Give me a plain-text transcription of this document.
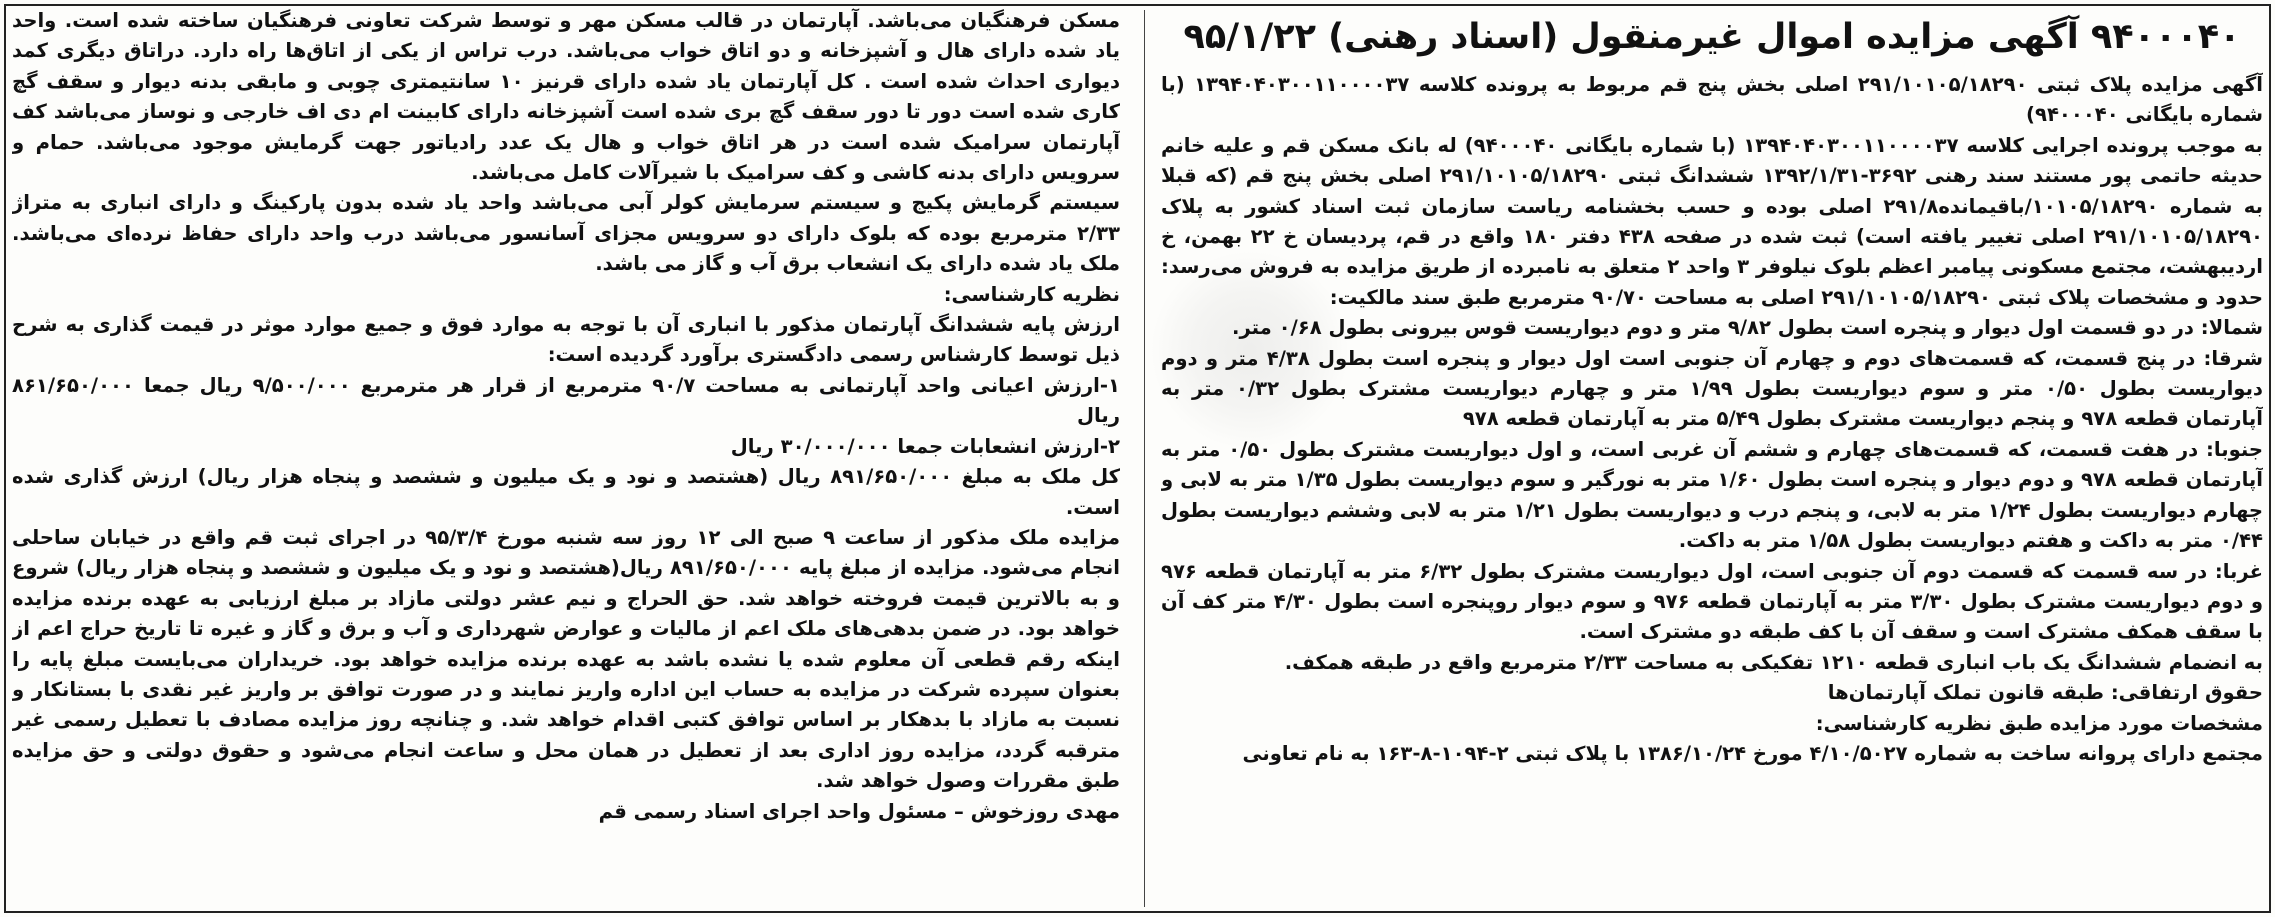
۹۴۰۰۰۴۰ آگهی مزایده اموال غیرمنقول (اسناد رهنی) ۹۵/۱/۲۲

آگهی مزایده پلاک ثبتی ۲۹۱/۱۰۱۰۵/۱۸۲۹۰ اصلی بخش پنج قم مربوط به پرونده کلاسه ۱۳۹۴۰۴۰۳۰۰۱۱۰۰۰۰۳۷ (با شماره بایگانی ۹۴۰۰۰۴۰)

به موجب پرونده اجرایی کلاسه ۱۳۹۴۰۴۰۳۰۰۱۱۰۰۰۰۳۷ (با شماره بایگانی ۹۴۰۰۰۴۰) له بانک مسکن قم و علیه خانم حدیثه حاتمی پور مستند سند رهنی ۳۶۹۲-۱۳۹۲/۱/۳۱ ششدانگ ثبتی ۲۹۱/۱۰۱۰۵/۱۸۲۹۰ اصلی بخش پنج قم (که قبلا به شماره ۱۰۱۰۵/۱۸۲۹۰/باقیمانده۲۹۱/۸ اصلی بوده و حسب بخشنامه ریاست سازمان ثبت اسناد کشور به پلاک ۲۹۱/۱۰۱۰۵/۱۸۲۹۰ اصلی تغییر یافته است) ثبت شده در صفحه ۴۳۸ دفتر ۱۸۰ واقع در قم، پردیسان خ ۲۲ بهمن، خ اردیبهشت، مجتمع مسکونی پیامبر اعظم بلوک نیلوفر ۳ واحد ۲ متعلق به نامبرده از طریق مزایده به فروش می‌رسد:

حدود و مشخصات پلاک ثبتی ۲۹۱/۱۰۱۰۵/۱۸۲۹۰ اصلی به مساحت ۹۰/۷۰ مترمربع طبق سند مالکیت:

شمالا: در دو قسمت اول دیوار و پنجره است بطول ۹/۸۲ متر و دوم دیواریست قوس بیرونی بطول ۰/۶۸ متر.

شرقا: در پنج قسمت، که قسمت‌های دوم و چهارم آن جنوبی است اول دیوار و پنجره است بطول ۴/۳۸ متر و دوم دیواریست بطول ۰/۵۰ متر و سوم دیواریست بطول ۱/۹۹ متر و چهارم دیواریست مشترک بطول ۰/۳۲ متر به آپارتمان قطعه ۹۷۸ و پنجم دیواریست مشترک بطول ۵/۴۹ متر به آپارتمان قطعه ۹۷۸

جنوبا: در هفت قسمت، که قسمت‌های چهارم و ششم آن غربی است، و اول دیواریست مشترک بطول ۰/۵۰ متر به آپارتمان قطعه ۹۷۸ و دوم دیوار و پنجره است بطول ۱/۶۰ متر به نورگیر و سوم دیواریست بطول ۱/۳۵ متر به لابی و چهارم دیواریست بطول ۱/۲۴ متر به لابی، و پنجم درب و دیواریست بطول ۱/۲۱ متر به لابی وششم دیواریست بطول ۰/۴۴ متر به داکت و هفتم دیواریست بطول ۱/۵۸ متر به داکت.

غربا: در سه قسمت که قسمت دوم آن جنوبی است، اول دیواریست مشترک بطول ۶/۳۲ متر به آپارتمان قطعه ۹۷۶ و دوم دیواریست مشترک بطول ۳/۳۰ متر به آپارتمان قطعه ۹۷۶ و سوم دیوار روپنجره است بطول ۴/۳۰ متر کف آن با سقف همکف مشترک است و سقف آن با کف طبقه دو مشترک است.

به انضمام ششدانگ یک باب انباری قطعه ۱۲۱۰ تفکیکی به مساحت ۲/۳۳ مترمربع واقع در طبقه همکف.

حقوق ارتفاقی: طبقه قانون تملک آپارتمان‌ها

مشخصات مورد مزایده طبق نظریه کارشناسی:

مجتمع دارای پروانه ساخت به شماره ۴/۱۰/۵۰۲۷ مورخ ۱۳۸۶/۱۰/۲۴ با پلاک ثبتی ۲-۱۰۹۴-۸-۱۶۳ به نام تعاونی

مسکن فرهنگیان می‌باشد. آپارتمان در قالب مسکن مهر و توسط شرکت تعاونی فرهنگیان ساخته شده است. واحد یاد شده دارای هال و آشپزخانه و دو اتاق خواب می‌باشد. درب تراس از یکی از اتاق‌ها راه دارد. دراتاق دیگری کمد دیواری احداث شده است . کل آپارتمان یاد شده دارای قرنیز ۱۰ سانتیمتری چوبی و مابقی بدنه دیوار و سقف گچ کاری شده است دور تا دور سقف گچ بری شده است آشپزخانه دارای کابینت ام دی اف خارجی و نوساز می‌باشد کف آپارتمان سرامیک شده است در هر اتاق خواب و هال یک عدد رادیاتور جهت گرمایش موجود می‌باشد. حمام و سرویس دارای بدنه کاشی و کف سرامیک با شیرآلات کامل می‌باشد.

سیستم گرمایش پکیج و سیستم سرمایش کولر آبی می‌باشد واحد یاد شده بدون پارکینگ و دارای انباری به متراژ ۲/۳۳ مترمربع بوده که بلوک دارای دو سرویس مجزای آسانسور می‌باشد درب واحد دارای حفاظ نرده‌ای می‌باشد. ملک یاد شده دارای یک انشعاب برق آب و گاز می باشد.

نظریه کارشناسی:

ارزش پایه ششدانگ آپارتمان مذکور با انباری آن با توجه به موارد فوق و جمیع موارد موثر در قیمت گذاری به شرح ذیل توسط کارشناس رسمی دادگستری برآورد گردیده است:

۱-ارزش اعیانی واحد آپارتمانی به مساحت ۹۰/۷ مترمربع از قرار هر مترمربع ۹/۵۰۰/۰۰۰ ریال جمعا ۸۶۱/۶۵۰/۰۰۰ ریال

۲-ارزش انشعابات جمعا ۳۰/۰۰۰/۰۰۰ ریال

کل ملک به مبلغ ۸۹۱/۶۵۰/۰۰۰ ریال (هشتصد و نود و یک میلیون و ششصد و پنجاه هزار ریال) ارزش گذاری شده است.

مزایده ملک مذکور از ساعت ۹ صبح الی ۱۲ روز سه شنبه مورخ ۹۵/۳/۴ در اجرای ثبت قم واقع در خیابان ساحلی انجام می‌شود. مزایده از مبلغ پایه ۸۹۱/۶۵۰/۰۰۰ ریال(هشتصد و نود و یک میلیون و ششصد و پنجاه هزار ریال) شروع و به بالاترین قیمت فروخته خواهد شد. حق الحراج و نیم عشر دولتی مازاد بر مبلغ ارزیابی به عهده برنده مزایده خواهد بود. در ضمن بدهی‌های ملک اعم از مالیات و عوارض شهرداری و آب و برق و گاز و غیره تا تاریخ حراج اعم از اینکه رقم قطعی آن معلوم شده یا نشده باشد به عهده برنده مزایده خواهد بود. خریداران می‌بایست مبلغ پایه را بعنوان سپرده شرکت در مزایده به حساب این اداره واریز نمایند و در صورت توافق بر واریز غیر نقدی با بستانکار و نسبت به مازاد با بدهکار بر اساس توافق کتبی اقدام خواهد شد. و چنانچه روز مزایده مصادف با تعطیل رسمی غیر مترقبه گردد، مزایده روز اداری بعد از تعطیل در همان محل و ساعت انجام می‌شود و حقوق دولتی و حق مزایده طبق مقررات وصول خواهد شد.

مهدی روزخوش – مسئول واحد اجرای اسناد رسمی قم
